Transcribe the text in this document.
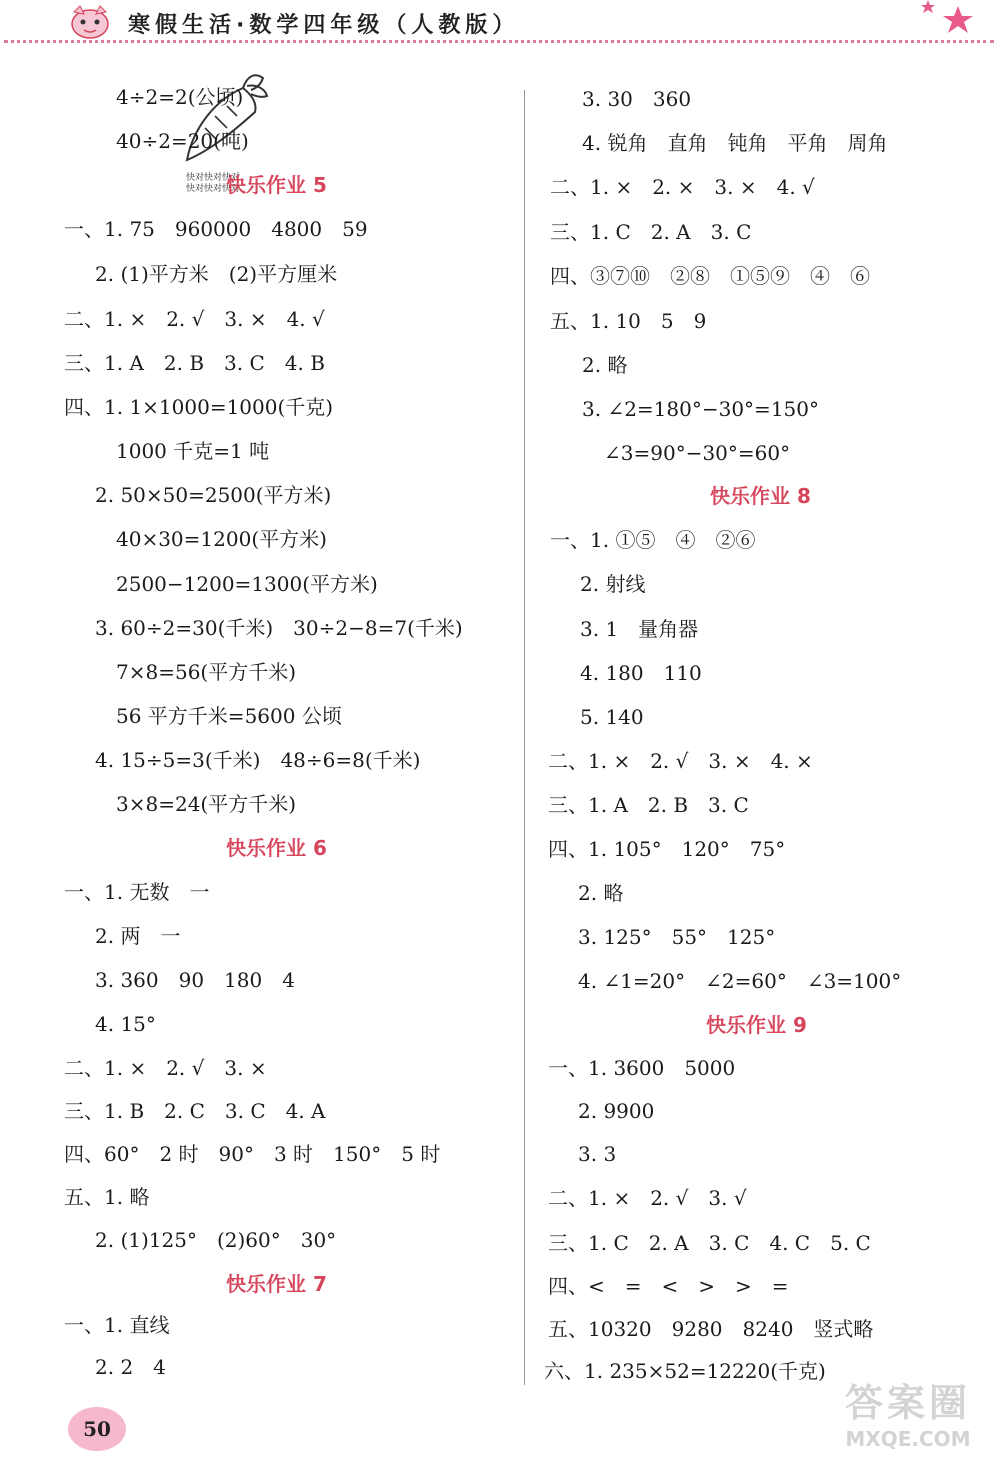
寒假生活·数学四年级（人教版）
快对快对快对
快对快对快对
4÷2=2(公顷)
40÷2=20(吨)
快乐作业 5
一、1. 75　960000　4800　59
2. (1)平方米　(2)平方厘米
二、1. ×　2. √　3. ×　4. √
三、1. A　2. B　3. C　4. B
四、1. 1×1000=1000(千克)
1000 千克=1 吨
2. 50×50=2500(平方米)
40×30=1200(平方米)
2500−1200=1300(平方米)
3. 60÷2=30(千米)　30÷2−8=7(千米)
7×8=56(平方千米)
56 平方千米=5600 公顷
4. 15÷5=3(千米)　48÷6=8(千米)
3×8=24(平方千米)
快乐作业 6
一、1. 无数　一
2. 两　一
3. 360　90　180　4
4. 15°
二、1. ×　2. √　3. ×
三、1. B　2. C　3. C　4. A
四、60°　2 时　90°　3 时　150°　5 时
五、1. 略
2. (1)125°　(2)60°　30°
快乐作业 7
一、1. 直线
2. 2　4
3. 30　360
4. 锐角　直角　钝角　平角　周角
二、1. ×　2. ×　3. ×　4. √
三、1. C　2. A　3. C
四、③⑦⑩　②⑧　①⑤⑨　④　⑥
五、1. 10　5　9
2. 略
3. ∠2=180°−30°=150°
∠3=90°−30°=60°
快乐作业 8
一、1. ①⑤　④　②⑥
2. 射线
3. 1　量角器
4. 180　110
5. 140
二、1. ×　2. √　3. ×　4. ×
三、1. A　2. B　3. C
四、1. 105°　120°　75°
2. 略
3. 125°　55°　125°
4. ∠1=20°　∠2=60°　∠3=100°
快乐作业 9
一、1. 3600　5000
2. 9900
3. 3
二、1. ×　2. √　3. √
三、1. C　2. A　3. C　4. C　5. C
四、<　=　<　>　>　=
五、10320　9280　8240　竖式略
六、1. 235×52=12220(千克)
50
答案圈
MXQE.COM
